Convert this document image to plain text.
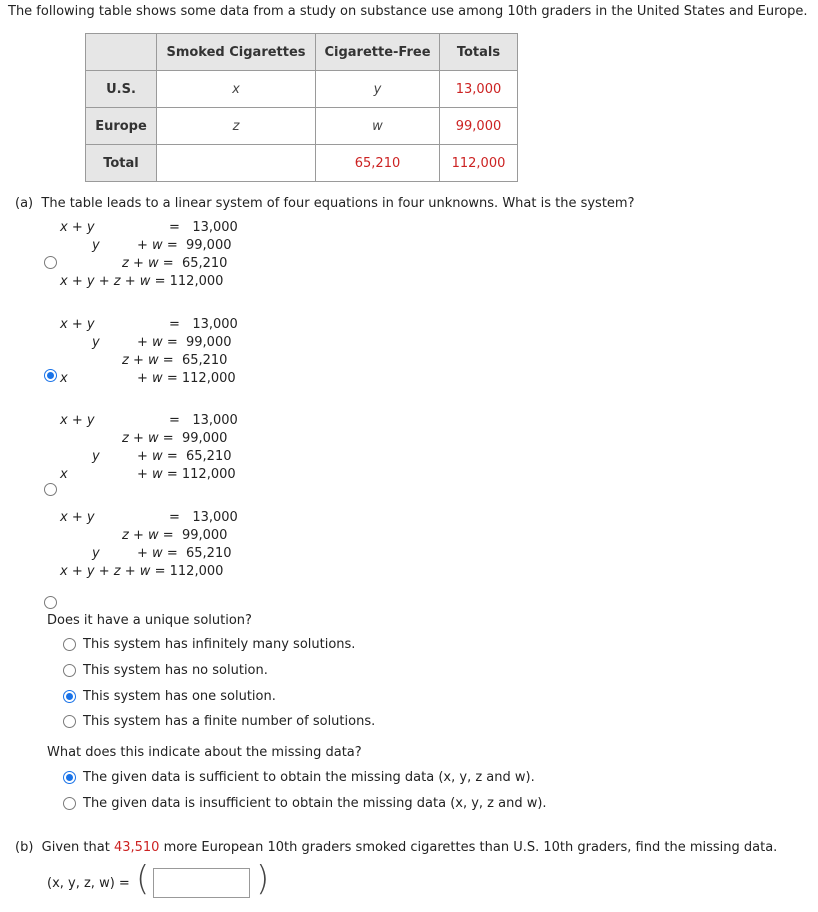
The following table shows some data from a study on substance use among 10th graders in the United States and Europe.
	Smoked Cigarettes	Cigarette-Free	Totals
U.S.	x	y	13,000
Europe	z	w	99,000
Total		65,210	112,000
(a) The table leads to a linear system of four equations in four unknowns. What is the system?
x + y	= 13,000
y	+ w = 99,000
z + w = 65,210
x + y + z + w = 112,000
x + y	= 13,000
y	+ w = 99,000
z + w = 65,210
x	+ w = 112,000
x + y	= 13,000
z + w = 99,000
y	+ w = 65,210
x	+ w = 112,000
x + y	= 13,000
z + w = 99,000
y	+ w = 65,210
x + y + z + w = 112,000
Does it have a unique solution?
This system has infinitely many solutions.
This system has no solution.
This system has one solution.
This system has a finite number of solutions.
What does this indicate about the missing data?
The given data is sufficient to obtain the missing data (x, y, z and w).
The given data is insufficient to obtain the missing data (x, y, z and w).
(b) Given that 43,510 more European 10th graders smoked cigarettes than U.S. 10th graders, find the missing data.
(x, y, z, w) = (	)
